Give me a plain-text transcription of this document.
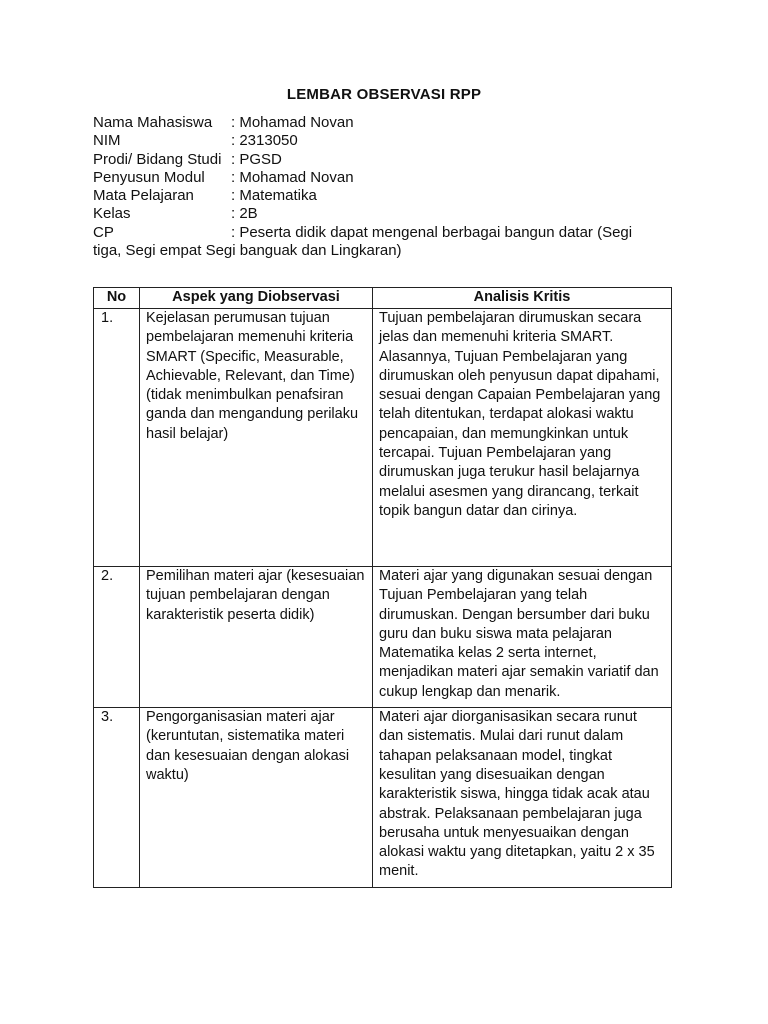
LEMBAR OBSERVASI RPP
Nama Mahasiswa	: Mohamad Novan
NIM	: 2313050
Prodi/ Bidang Studi : PGSD
Penyusun Modul	: Mohamad Novan
Mata Pelajaran	: Matematika
Kelas	: 2B
CP	: Peserta didik dapat mengenal berbagai bangun datar (Segi
tiga, Segi empat Segi banguak dan Lingkaran)
No	Aspek yang Diobservasi	Analisis Kritis
1.	Kejelasan perumusan tujuan pembelajaran memenuhi kriteria SMART (Specific, Measurable, Achievable, Relevant, dan Time) (tidak menimbulkan penafsiran ganda dan mengandung perilaku hasil belajar)	Tujuan pembelajaran dirumuskan secara jelas dan memenuhi kriteria SMART. Alasannya, Tujuan Pembelajaran yang dirumuskan oleh penyusun dapat dipahami, sesuai dengan Capaian Pembelajaran yang telah ditentukan, terdapat alokasi waktu pencapaian, dan memungkinkan untuk tercapai. Tujuan Pembelajaran yang dirumuskan juga terukur hasil belajarnya melalui asesmen yang dirancang, terkait topik bangun datar dan cirinya.
2.	Pemilihan materi ajar (kesesuaian tujuan pembelajaran dengan karakteristik peserta didik)	Materi ajar yang digunakan sesuai dengan Tujuan Pembelajaran yang telah dirumuskan. Dengan bersumber dari buku guru dan buku siswa mata pelajaran Matematika kelas 2 serta internet, menjadikan materi ajar semakin variatif dan cukup lengkap dan menarik.
3.	Pengorganisasian materi ajar (keruntutan, sistematika materi dan kesesuaian dengan alokasi waktu)	Materi ajar diorganisasikan secara runut dan sistematis. Mulai dari runut dalam tahapan pelaksanaan model, tingkat kesulitan yang disesuaikan dengan karakteristik siswa, hingga tidak acak atau abstrak. Pelaksanaan pembelajaran juga berusaha untuk menyesuaikan dengan alokasi waktu yang ditetapkan, yaitu 2 x 35 menit.
